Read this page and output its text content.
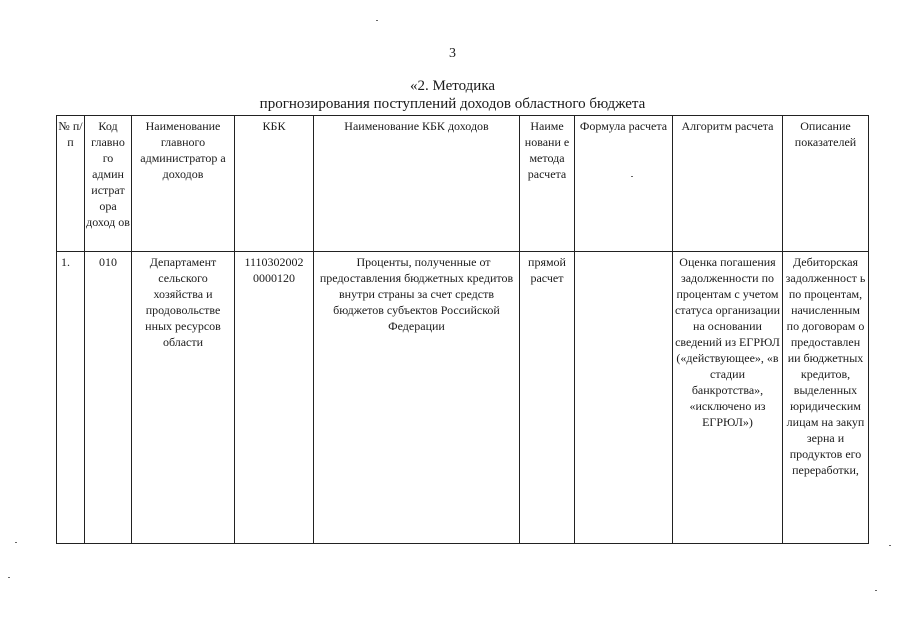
3
«2. Методика
прогнозирования поступлений доходов областного бюджета
№ п/п	Код главно го админ истрат ора доход ов	Наименование главного администратор а доходов	КБК	Наименование КБК доходов	Наиме новани е метода расчета	Формула расчета	Алгоритм расчета	Описание показателей
1.	010	Департамент сельского хозяйства и продовольстве нных ресурсов области	1110302002 0000120	Проценты, полученные от предоставления бюджетных кредитов внутри страны за счет средств бюджетов субъектов Российской Федерации	прямой расчет		Оценка погашения задолженности по процентам с учетом статуса организации на основании сведений из ЕГРЮЛ («действующее», «в стадии банкротства», «исключено из ЕГРЮЛ»)	Дебиторская задолженност ь по процентам, начисленным по договорам о предоставлен ии бюджетных кредитов, выделенных юридическим лицам на закуп зерна и продуктов его переработки,
